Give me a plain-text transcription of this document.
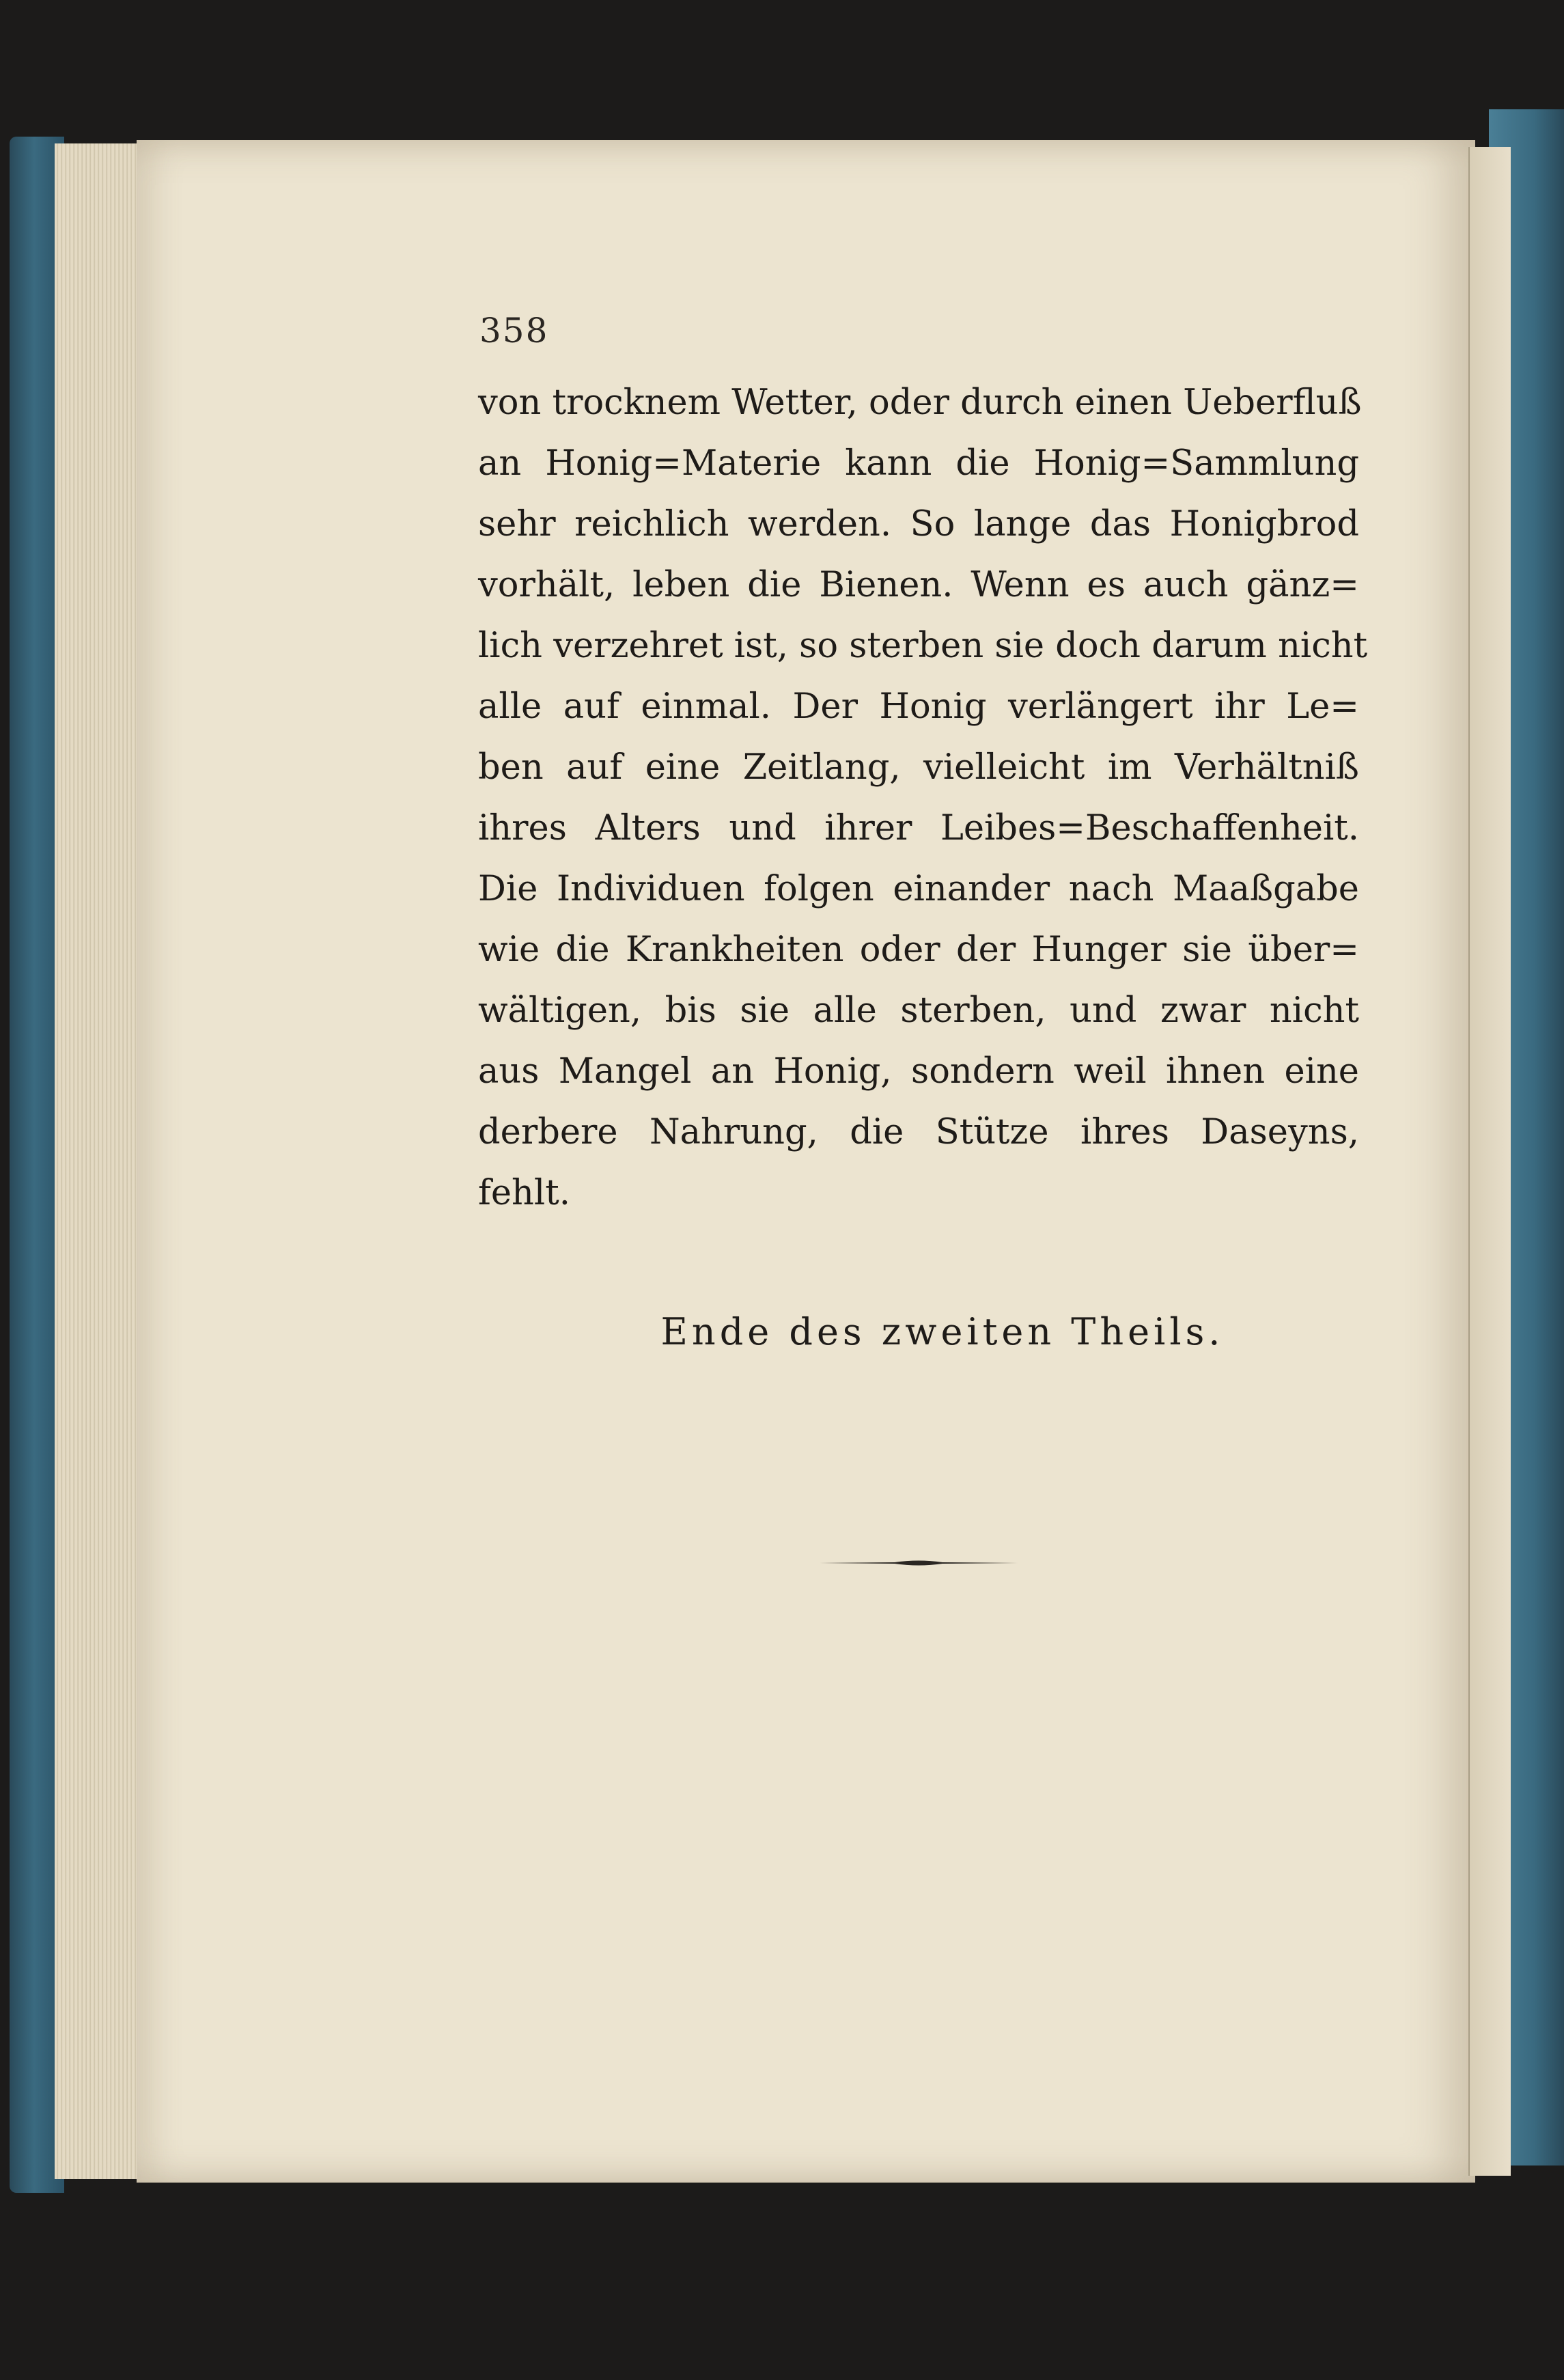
358
von trocknem Wetter, oder durch einen Ueberfluß
an Honig=Materie kann die Honig=Sammlung
sehr reichlich werden. So lange das Honigbrod
vorhält, leben die Bienen. Wenn es auch gänz=
lich verzehret ist, so sterben sie doch darum nicht
alle auf einmal. Der Honig verlängert ihr Le=
ben auf eine Zeitlang, vielleicht im Verhältniß
ihres Alters und ihrer Leibes=Beschaffenheit.
Die Individuen folgen einander nach Maaßgabe
wie die Krankheiten oder der Hunger sie über=
wältigen, bis sie alle sterben, und zwar nicht
aus Mangel an Honig, sondern weil ihnen eine
derbere Nahrung, die Stütze ihres Daseyns,
fehlt.
Ende des zweiten Theils.
